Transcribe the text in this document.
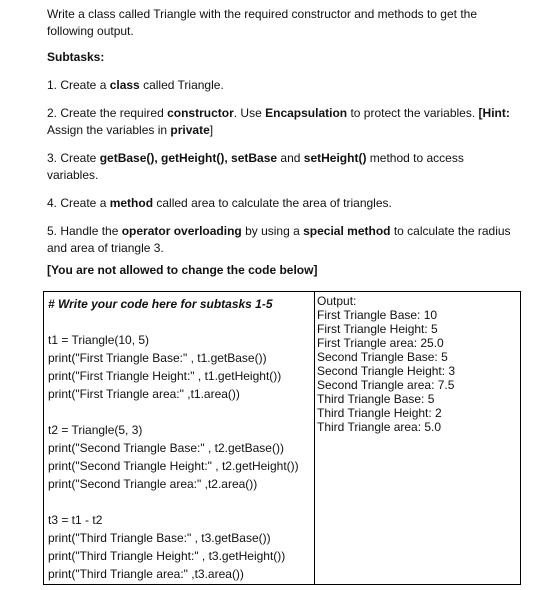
Write a class called Triangle with the required constructor and methods to get the following output.

Subtasks:

1. Create a class called Triangle.

2. Create the required constructor. Use Encapsulation to protect the variables. [Hint: Assign the variables in private]

3. Create getBase(), getHeight(), setBase and setHeight() method to access variables.

4. Create a method called area to calculate the area of triangles.

5. Handle the operator overloading by using a special method to calculate the radius and area of triangle 3.

[You are not allowed to change the code below]

# Write your code here for subtasks 1-5
t1 = Triangle(10, 5)
print("First Triangle Base:" , t1.getBase())
print("First Triangle Height:" , t1.getHeight())
print("First Triangle area:" ,t1.area())
t2 = Triangle(5, 3)
print("Second Triangle Base:" , t2.getBase())
print("Second Triangle Height:" , t2.getHeight())
print("Second Triangle area:" ,t2.area())
t3 = t1 - t2
print("Third Triangle Base:" , t3.getBase())
print("Third Triangle Height:" , t3.getHeight())
print("Third Triangle area:" ,t3.area())
Output:
First Triangle Base: 10
First Triangle Height: 5
First Triangle area: 25.0
Second Triangle Base: 5
Second Triangle Height: 3
Second Triangle area: 7.5
Third Triangle Base: 5
Third Triangle Height: 2
Third Triangle area: 5.0
